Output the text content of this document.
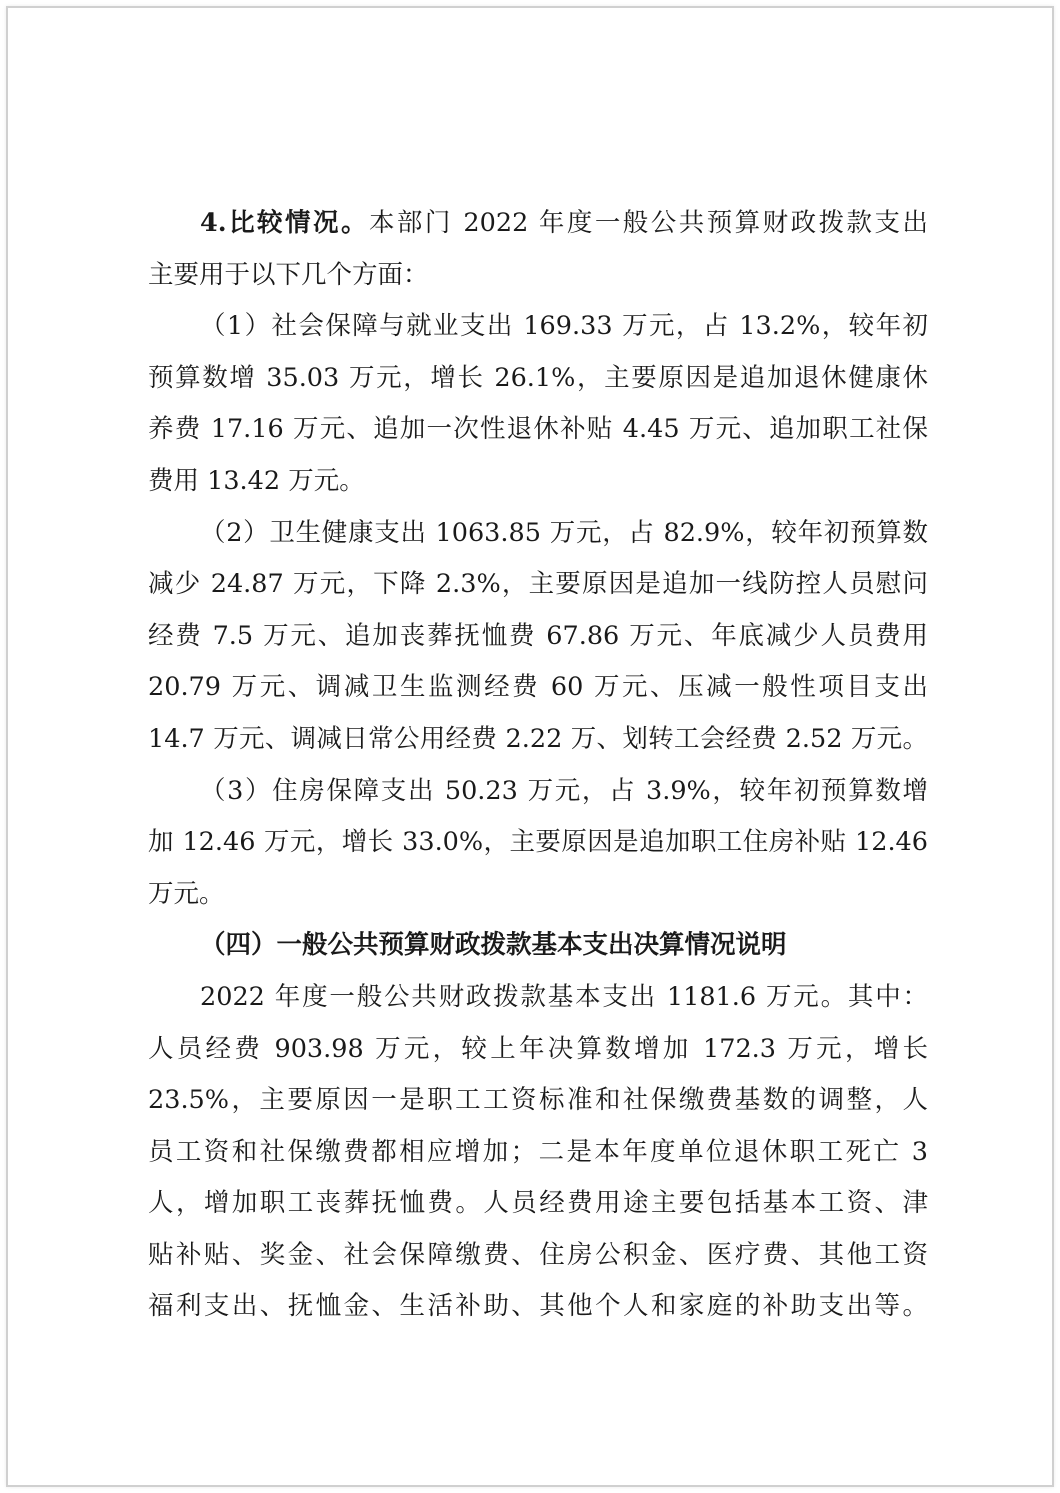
4.比较情况。本部门 2022 年度一般公共预算财政拨款支出
主要用于以下几个方面：
（1）社会保障与就业支出 169.33 万元，占 13.2%，较年初
预算数增 35.03 万元，增长 26.1%，主要原因是追加退休健康休
养费 17.16 万元、追加一次性退休补贴 4.45 万元、追加职工社保
费用 13.42 万元。
（2）卫生健康支出 1063.85 万元，占 82.9%，较年初预算数
减少 24.87 万元，下降 2.3%，主要原因是追加一线防控人员慰问
经费 7.5 万元、追加丧葬抚恤费 67.86 万元、年底减少人员费用
20.79 万元、调减卫生监测经费 60 万元、压减一般性项目支出
14.7 万元、调减日常公用经费 2.22 万、划转工会经费 2.52 万元。
（3）住房保障支出 50.23 万元，占 3.9%，较年初预算数增
加 12.46 万元，增长 33.0%，主要原因是追加职工住房补贴 12.46
万元。
（四）一般公共预算财政拨款基本支出决算情况说明
2022 年度一般公共财政拨款基本支出 1181.6 万元。其中：
人员经费 903.98 万元，较上年决算数增加 172.3 万元，增长
23.5%，主要原因一是职工工资标准和社保缴费基数的调整，人
员工资和社保缴费都相应增加；二是本年度单位退休职工死亡 3
人，增加职工丧葬抚恤费。人员经费用途主要包括基本工资、津
贴补贴、奖金、社会保障缴费、住房公积金、医疗费、其他工资
福利支出、抚恤金、生活补助、其他个人和家庭的补助支出等。
